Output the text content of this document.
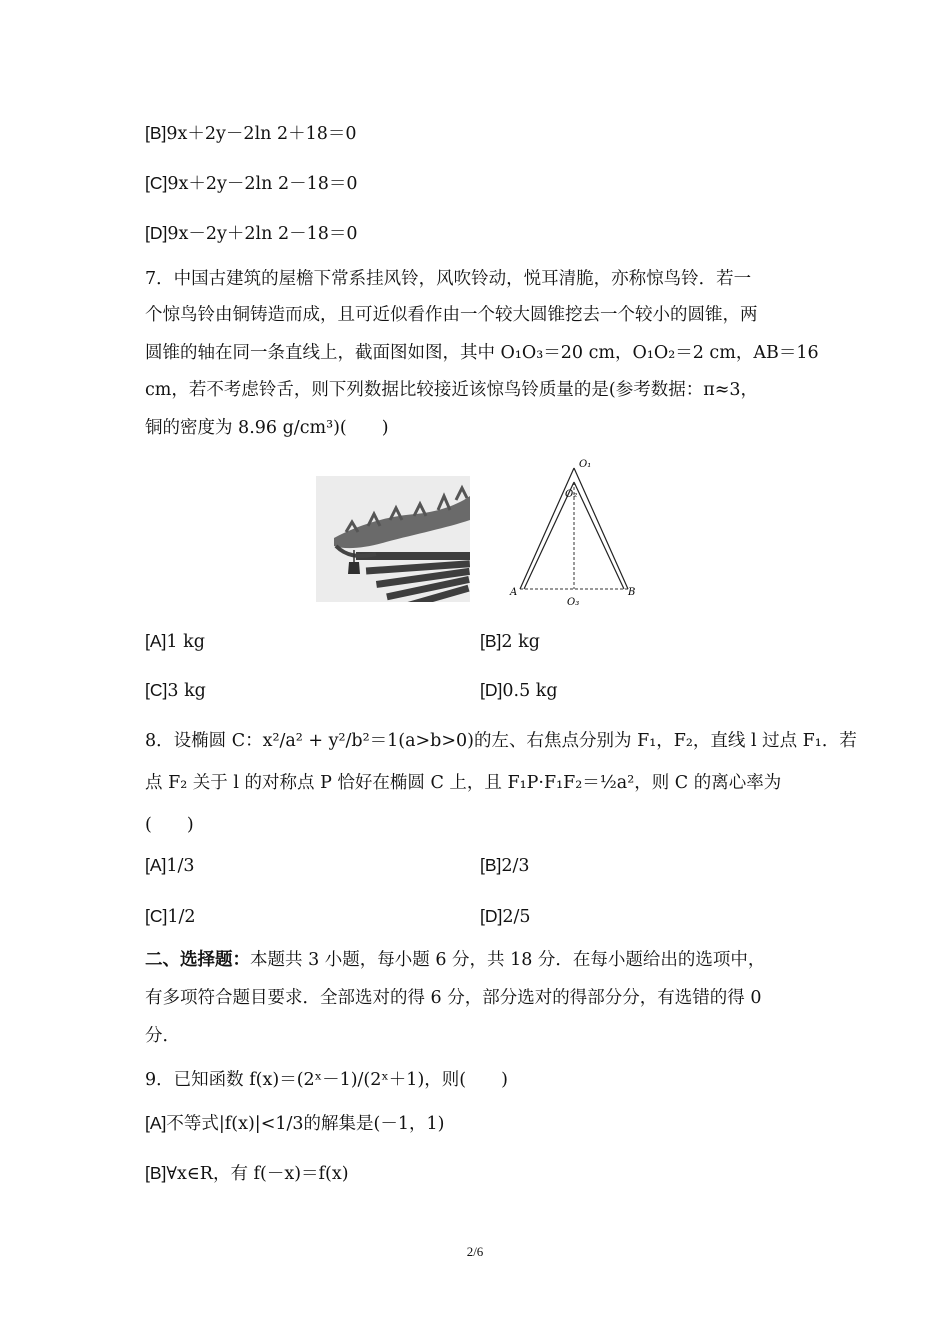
[B]9x＋2y－2ln 2＋18＝0
[C]9x＋2y－2ln 2－18＝0
[D]9x－2y＋2ln 2－18＝0
7．中国古建筑的屋檐下常系挂风铃，风吹铃动，悦耳清脆，亦称惊鸟铃．若一
个惊鸟铃由铜铸造而成，且可近似看作由一个较大圆锥挖去一个较小的圆锥，两
圆锥的轴在同一条直线上，截面图如图，其中 O₁O₃＝20 cm，O₁O₂＝2 cm，AB＝16
cm，若不考虑铃舌，则下列数据比较接近该惊鸟铃质量的是(参考数据：π≈3，
铜的密度为 8.96 g/cm³)(　　)
O₁
O₂
O₃
A	B
[A]1 kg	[B]2 kg
[C]3 kg	[D]0.5 kg
8．设椭圆 C：x²/a² + y²/b²＝1(a>b>0)的左、右焦点分别为 F₁，F₂，直线 l 过点 F₁．若
点 F₂ 关于 l 的对称点 P 恰好在椭圆 C 上，且 F₁P·F₁F₂＝½a²，则 C 的离心率为
(　　)
[A]1/3	[B]2/3
[C]1/2	[D]2/5
二、选择题：本题共 3 小题，每小题 6 分，共 18 分．在每小题给出的选项中，
有多项符合题目要求．全部选对的得 6 分，部分选对的得部分分，有选错的得 0
分．
9．已知函数 f(x)＝(2ˣ－1)/(2ˣ＋1)，则(　　)
[A]不等式|f(x)|<1/3的解集是(－1，1)
[B]∀x∈R，有 f(－x)＝f(x)
2/6
